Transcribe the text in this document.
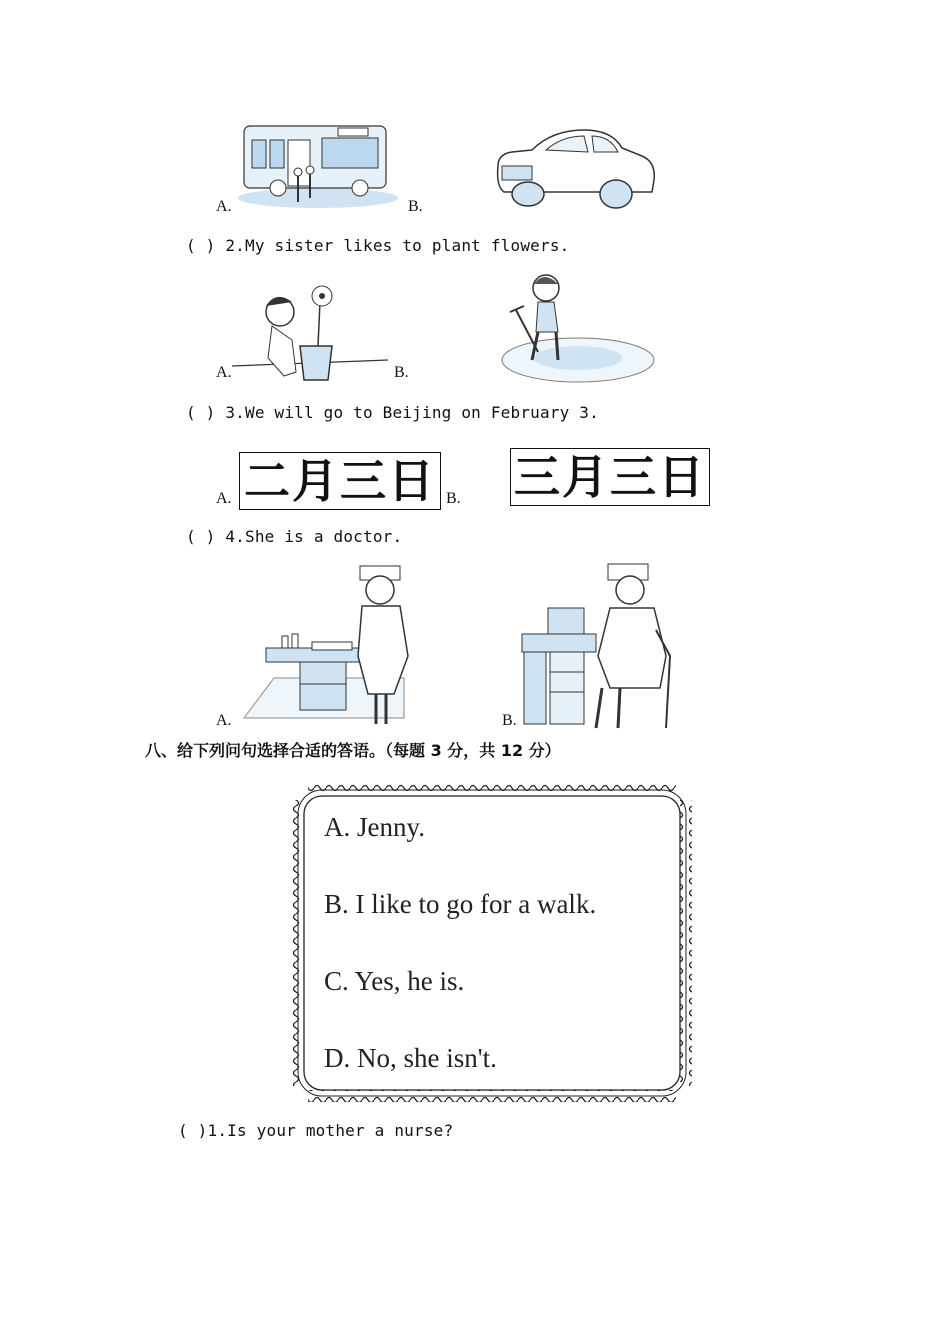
A.	B.
( ) 2.My sister likes to plant flowers.
A.	B.
( ) 3.We will go to Beijing on February 3.
A. 二月三日 B. 三月三日
( ) 4.She is a doctor.
A.	B.
八、给下列问句选择合适的答语。（每题 3 分，共 12 分）
A. Jenny.
B. I like to go for a walk.
C. Yes, he is.
D. No, she isn't.
( )1.Is your mother a nurse?
